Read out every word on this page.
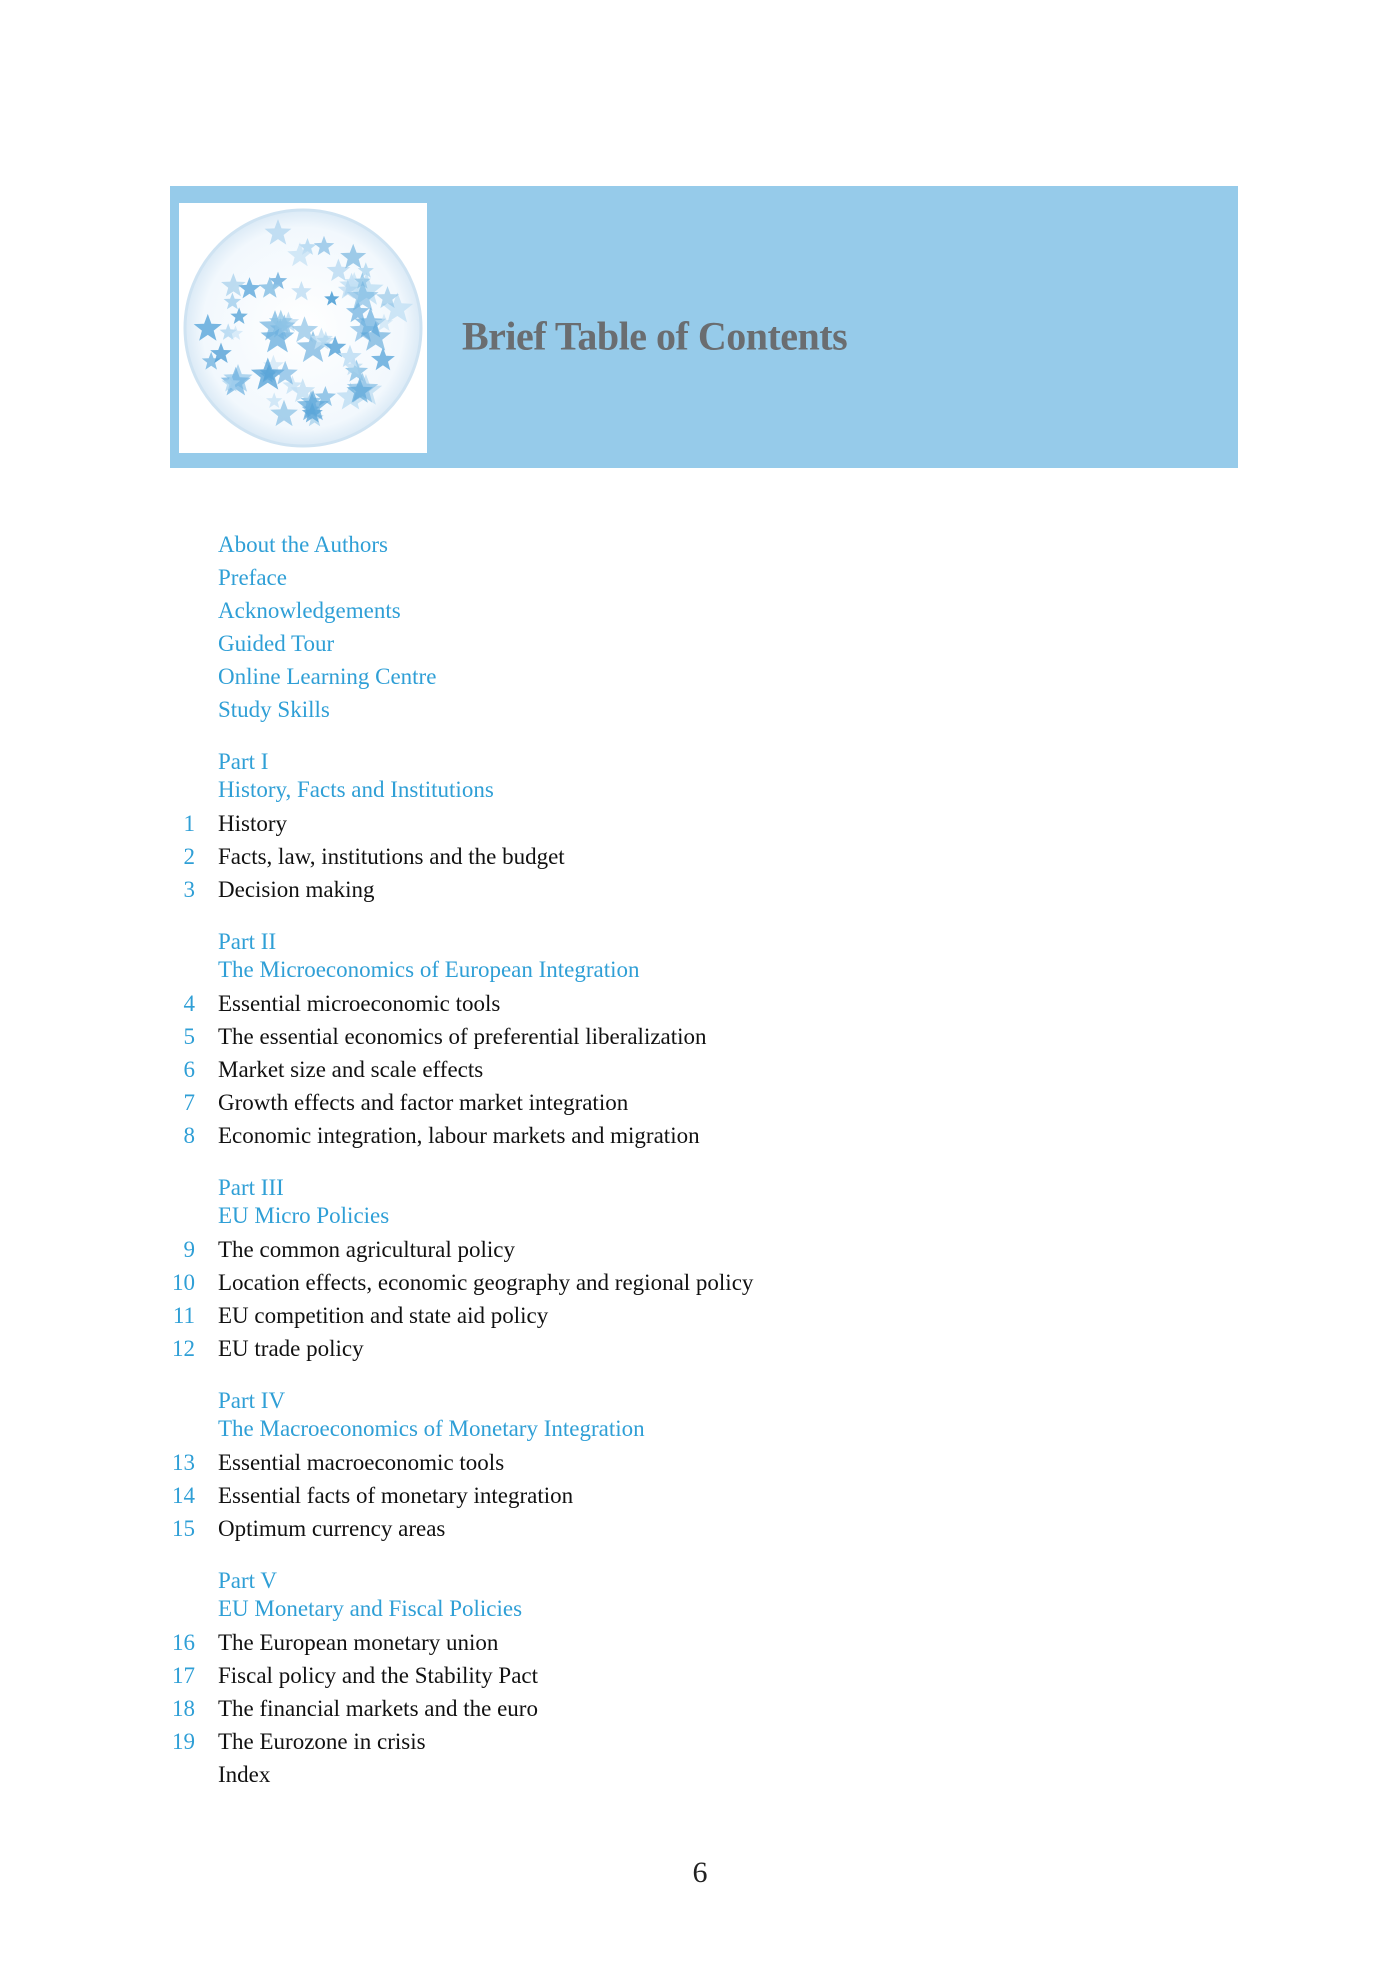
Brief Table of Contents
About the Authors
Preface
Acknowledgements
Guided Tour
Online Learning Centre
Study Skills
Part I
History, Facts and Institutions
1 History
2 Facts, law, institutions and the budget
3 Decision making
Part II
The Microeconomics of European Integration
4 Essential microeconomic tools
5 The essential economics of preferential liberalization
6 Market size and scale effects
7 Growth effects and factor market integration
8 Economic integration, labour markets and migration
Part III
EU Micro Policies
9 The common agricultural policy
10 Location effects, economic geography and regional policy
11 EU competition and state aid policy
12 EU trade policy
Part IV
The Macroeconomics of Monetary Integration
13 Essential macroeconomic tools
14 Essential facts of monetary integration
15 Optimum currency areas
Part V
EU Monetary and Fiscal Policies
16 The European monetary union
17 Fiscal policy and the Stability Pact
18 The financial markets and the euro
19 The Eurozone in crisis
Index
6
